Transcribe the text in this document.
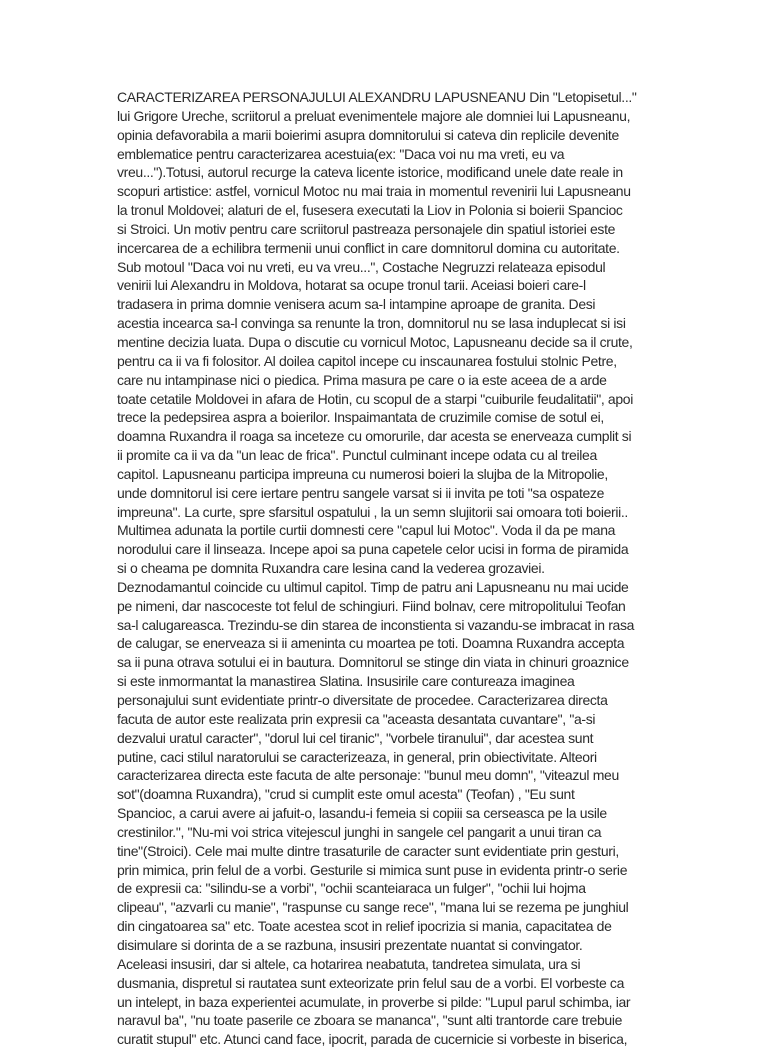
CARACTERIZAREA PERSONAJULUI ALEXANDRU LAPUSNEANU Din "Letopisetul..."
lui Grigore Ureche, scriitorul a preluat evenimentele majore ale domniei lui Lapusneanu,
opinia defavorabila a marii boierimi asupra domnitorului si cateva din replicile devenite
emblematice pentru caracterizarea acestuia(ex: "Daca voi nu ma vreti, eu va
vreu...").Totusi, autorul recurge la cateva licente istorice, modificand unele date reale in
scopuri artistice: astfel, vornicul Motoc nu mai traia in momentul revenirii lui Lapusneanu
la tronul Moldovei; alaturi de el, fusesera executati la Liov in Polonia si boierii Spancioc
si Stroici. Un motiv pentru care scriitorul pastreaza personajele din spatiul istoriei este
incercarea de a echilibra termenii unui conflict in care domnitorul domina cu autoritate.
Sub motoul "Daca voi nu vreti, eu va vreu...", Costache Negruzzi relateaza episodul
venirii lui Alexandru in Moldova, hotarat sa ocupe tronul tarii. Aceiasi boieri care-l
tradasera in prima domnie venisera acum sa-l intampine aproape de granita. Desi
acestia incearca sa-l convinga sa renunte la tron, domnitorul nu se lasa induplecat si isi
mentine decizia luata. Dupa o discutie cu vornicul Motoc, Lapusneanu decide sa il crute,
pentru ca ii va fi folositor. Al doilea capitol incepe cu inscaunarea fostului stolnic Petre,
care nu intampinase nici o piedica. Prima masura pe care o ia este aceea de a arde
toate cetatile Moldovei in afara de Hotin, cu scopul de a starpi "cuiburile feudalitatii", apoi
trece la pedepsirea aspra a boierilor. Inspaimantata de cruzimile comise de sotul ei,
doamna Ruxandra il roaga sa inceteze cu omorurile, dar acesta se enerveaza cumplit si
ii promite ca ii va da "un leac de frica". Punctul culminant incepe odata cu al treilea
capitol. Lapusneanu participa impreuna cu numerosi boieri la slujba de la Mitropolie,
unde domnitorul isi cere iertare pentru sangele varsat si ii invita pe toti "sa ospateze
impreuna". La curte, spre sfarsitul ospatului , la un semn slujitorii sai omoara toti boierii..
Multimea adunata la portile curtii domnesti cere "capul lui Motoc". Voda il da pe mana
norodului care il linseaza. Incepe apoi sa puna capetele celor ucisi in forma de piramida
si o cheama pe domnita Ruxandra care lesina cand la vederea grozaviei.
Deznodamantul coincide cu ultimul capitol. Timp de patru ani Lapusneanu nu mai ucide
pe nimeni, dar nascoceste tot felul de schingiuri. Fiind bolnav, cere mitropolitului Teofan
sa-l calugareasca. Trezindu-se din starea de inconstienta si vazandu-se imbracat in rasa
de calugar, se enerveaza si ii ameninta cu moartea pe toti. Doamna Ruxandra accepta
sa ii puna otrava sotului ei in bautura. Domnitorul se stinge din viata in chinuri groaznice
si este inmormantat la manastirea Slatina. Insusirile care contureaza imaginea
personajului sunt evidentiate printr-o diversitate de procedee. Caracterizarea directa
facuta de autor este realizata prin expresii ca "aceasta desantata cuvantare", "a-si
dezvalui uratul caracter", "dorul lui cel tiranic", "vorbele tiranului", dar acestea sunt
putine, caci stilul naratorului se caracterizeaza, in general, prin obiectivitate. Alteori
caracterizarea directa este facuta de alte personaje: "bunul meu domn", "viteazul meu
sot"(doamna Ruxandra), "crud si cumplit este omul acesta" (Teofan) , "Eu sunt
Spancioc, a carui avere ai jafuit-o, lasandu-i femeia si copiii sa cerseasca pe la usile
crestinilor.", "Nu-mi voi strica vitejescul junghi in sangele cel pangarit a unui tiran ca
tine"(Stroici). Cele mai multe dintre trasaturile de caracter sunt evidentiate prin gesturi,
prin mimica, prin felul de a vorbi. Gesturile si mimica sunt puse in evidenta printr-o serie
de expresii ca: "silindu-se a vorbi", "ochii scanteiaraca un fulger", "ochii lui hojma
clipeau", "azvarli cu manie", "raspunse cu sange rece", "mana lui se rezema pe junghiul
din cingatoarea sa" etc. Toate acestea scot in relief ipocrizia si mania, capacitatea de
disimulare si dorinta de a se razbuna, insusiri prezentate nuantat si convingator.
Aceleasi insusiri, dar si altele, ca hotarirea neabatuta, tandretea simulata, ura si
dusmania, dispretul si rautatea sunt exteorizate prin felul sau de a vorbi. El vorbeste ca
un intelept, in baza experientei acumulate, in proverbe si pilde: "Lupul parul schimba, iar
naravul ba", "nu toate paserile ce zboara se mananca", "sunt alti trantorde care trebuie
curatit stupul" etc. Atunci cand face, ipocrit, parada de cucernicie si vorbeste in biserica,
